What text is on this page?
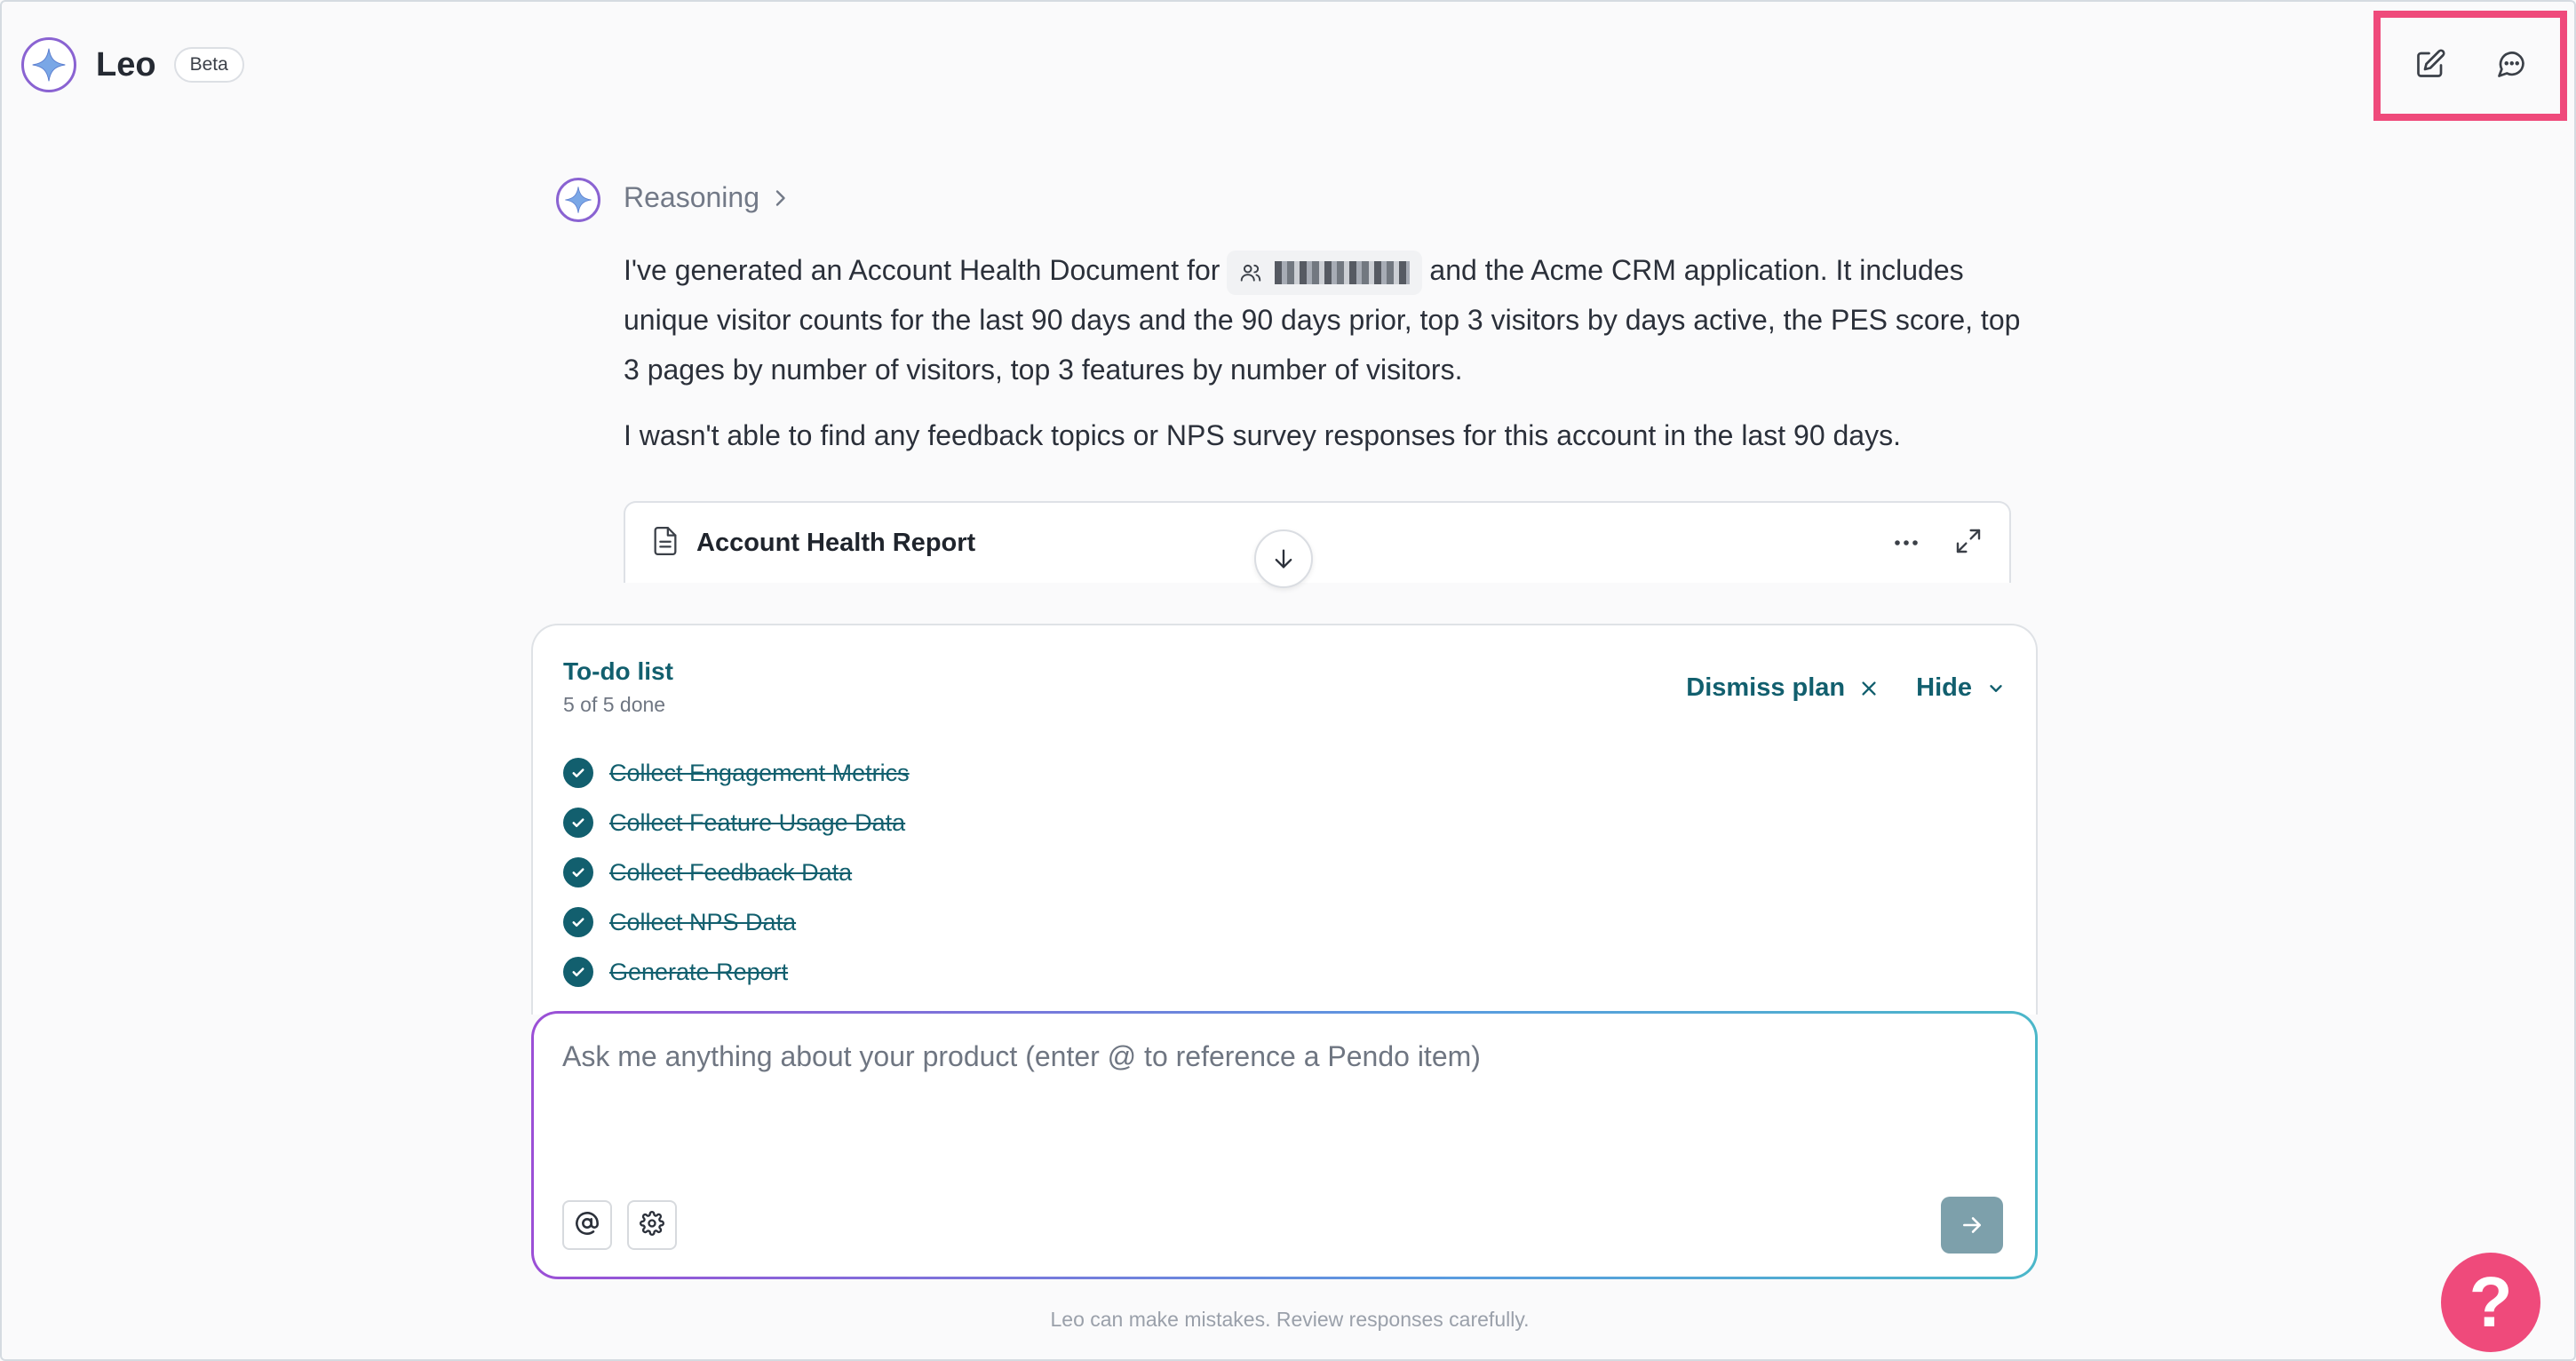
Leo	Beta
Reasoning

I've generated an Account Health Document for	and the Acme CRM application. It includes unique visitor counts for the last 90 days and the 90 days prior, top 3 visitors by days active, the PES score, top 3 pages by number of visitors, top 3 features by number of visitors.

I wasn't able to find any feedback topics or NPS survey responses for this account in the last 90 days.

Account Health Report
To-do list
5 of 5 done
Dismiss plan	Hide
Collect Engagement Metrics
Collect Feature Usage Data
Collect Feedback Data
Collect NPS Data
Generate Report
Ask me anything about your product (enter @ to reference a Pendo item)
Leo can make mistakes. Review responses carefully.	?
